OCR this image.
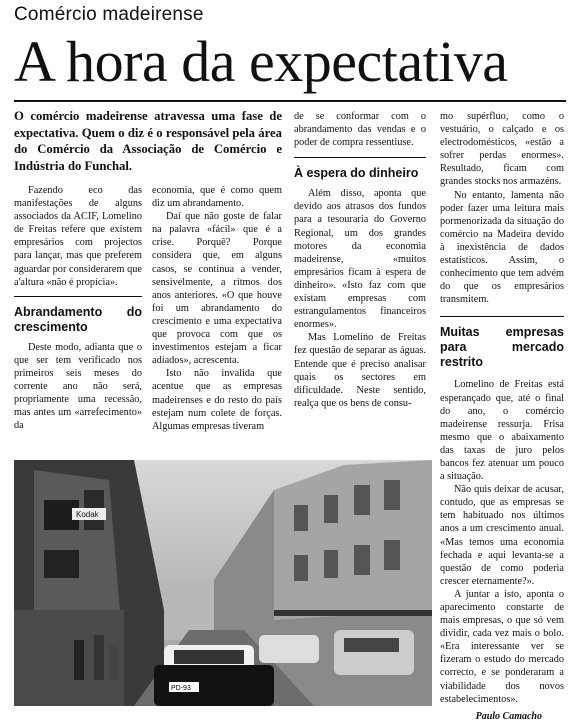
Comércio madeirense
A hora da expectativa

O comércio madeirense atravessa uma fase de expectativa. Quem o diz é o responsável pela área do Comércio da Associação de Comércio e Indústria do Funchal.

Fazendo eco das manifestações de alguns associados da ACIF, Lomelino de Freitas refere que existem empresários com projectos para lançar, mas que preferem aguardar por considerarem que a'altura «não é propícia».

Abrandamento do crescimento

Deste modo, adianta que o que ser tem verificado nos primeiros seis meses do corrente ano não será, propriamente uma recessão, mas antes um «arrefecimento» da

economia, que é como quem diz um abrandamento.

Daí que não goste de falar na palavra «fácil» que é a crise. Porquê? Porque considera que, em alguns casos, se continua a vender, sensivelmente, a ritmos dos anos anteriores. «O que houve foi um abrandamento do crescimento e uma expectativa que provoca com que os investimentos estejam a ficar adiados», acrescenta.

Isto não invalida que acentue que as empresas madeirenses e do resto do país estejam num colete de forças. Algumas empresas tiveram

de se conformar com o abrandamento das vendas e o poder de compra ressentiuse.

À espera do dinheiro

Além disso, aponta que devido aos atrasos dos fundos para a tesouraria do Governo Regional, um dos grandes motores da economia madeirense, «muitos empresários ficam à espera de dinheiro». «Isto faz com que existam empresas com estrangulamentos financeiros enormes».

Mas Lomelino de Freitas fez questão de separar as águas. Entende que é preciso analisar quais os sectores em dificuldade. Neste sentido, realça que os bens de consu-

mo supérfluo, como o vestuário, o calçado e os electrodomésticos, «estão a sofrer perdas enormes». Resultado, ficam com grandes stocks nos armazéns.

No entanto, lamenta não poder fazer uma leitura mais pormenorizada da situação do comércio na Madeira devido à inexistência de dados estatísticos. Assim, o conhecimento que tem advém do que os empresários transmitem.

Muitas empresas para mercado restrito

Lomelino de Freitas está esperançado que, até o final do ano, o comércio madeirense ressurja. Frisa mesmo que o abaixamento das taxas de juro pelos bancos fez atenuar um pouco a situação.

Não quis deixar de acusar, contudo, que as empresas se tem habituado nos últimos anos a um crescimento anual. «Mas temos uma economia fechada e aqui levanta-se a questão de como poderia crescer eternamente?».

A juntar a isto, aponta o aparecimento constarte de mais empresas, o que só vem dividir, cada vez mais o bolo. «Era interessante ver se fizeram o estudo do mercado correcto, e se ponderaram a viabilidade dos novos estabelecimentos».

Kodak
PD-93
Paulo Camacho
